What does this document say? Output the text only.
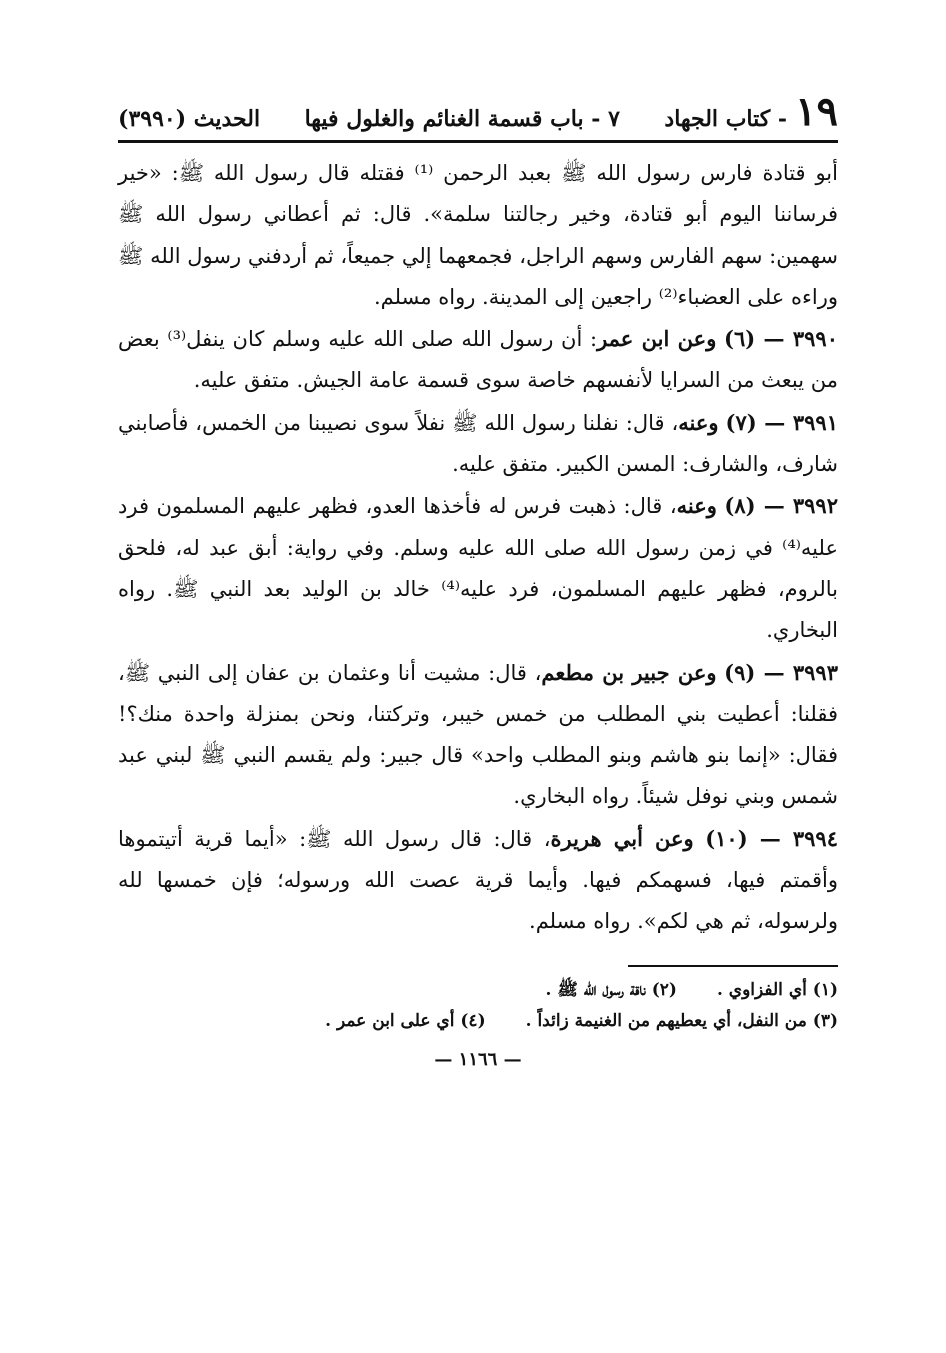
١٩
- كتاب الجهاد
٧ - باب قسمة الغنائم والغلول فيها
الحديث (٣٩٩٠)

أبو قتادة فارس رسول الله ﷺ بعبد الرحمن ⁽¹⁾ فقتله قال رسول الله ﷺ: «خير فرساننا اليوم أبو قتادة، وخير رجالتنا سلمة». قال: ثم أعطاني رسول الله ﷺ سهمين: سهم الفارس وسهم الراجل، فجمعهما إلي جميعاً، ثم أردفني رسول الله ﷺ وراءه على العضباء⁽²⁾ راجعين إلى المدينة. رواه مسلم.

٣٩٩٠ — (٦) وعن ابن عمر: أن رسول الله صلى الله عليه وسلم كان ينفل⁽³⁾ بعض من يبعث من السرايا لأنفسهم خاصة سوى قسمة عامة الجيش. متفق عليه.

٣٩٩١ — (٧) وعنه، قال: نفلنا رسول الله ﷺ نفلاً سوى نصيبنا من الخمس، فأصابني شارف، والشارف: المسن الكبير. متفق عليه.

٣٩٩٢ — (٨) وعنه، قال: ذهبت فرس له فأخذها العدو، فظهر عليهم المسلمون فرد عليه⁽⁴⁾ في زمن رسول الله صلى الله عليه وسلم. وفي رواية: أبق عبد له، فلحق بالروم، فظهر عليهم المسلمون، فرد عليه⁽⁴⁾ خالد بن الوليد بعد النبي ﷺ. رواه البخاري.

٣٩٩٣ — (٩) وعن جبير بن مطعم، قال: مشيت أنا وعثمان بن عفان إلى النبي ﷺ، فقلنا: أعطيت بني المطلب من خمس خيبر، وتركتنا، ونحن بمنزلة واحدة منك؟! فقال: «إنما بنو هاشم وبنو المطلب واحد» قال جبير: ولم يقسم النبي ﷺ لبني عبد شمس وبني نوفل شيئاً. رواه البخاري.

٣٩٩٤ — (١٠) وعن أبي هريرة، قال: قال رسول الله ﷺ: «أيما قرية أتيتموها وأقمتم فيها، فسهمكم فيها. وأيما قرية عصت الله ورسوله؛ فإن خمسها لله ولرسوله، ثم هي لكم». رواه مسلم.

(١) أي الفزاوي .
(٢) ناقة رسول الله ﷺ .
(٣) من النفل، أي يعطيهم من الغنيمة زائداً .
(٤) أي على ابن عمر .
— ١١٦٦ —
